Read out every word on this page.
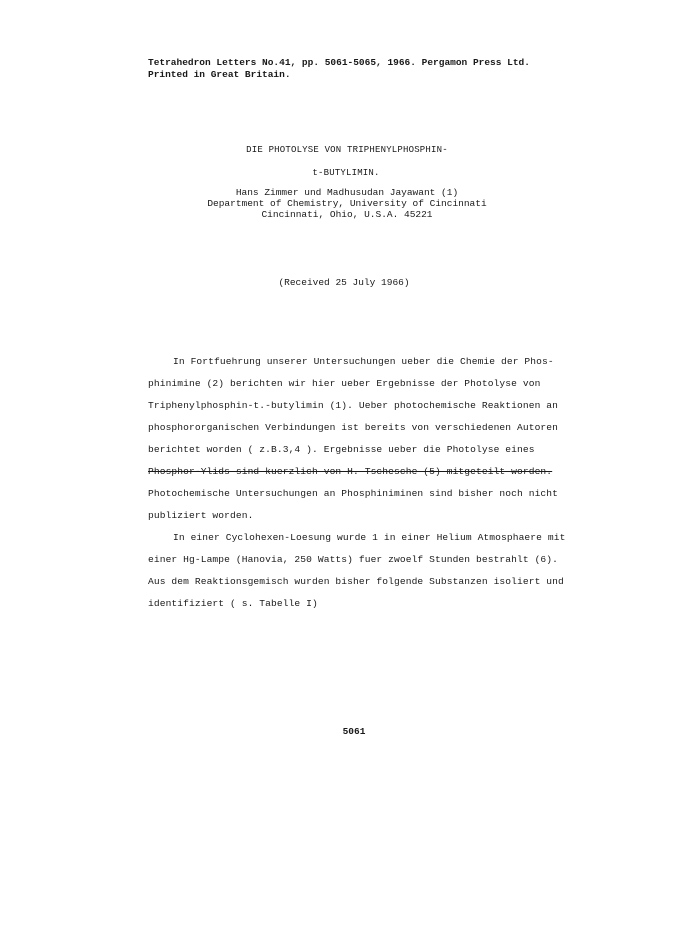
Tetrahedron Letters No.41, pp. 5061-5065, 1966. Pergamon Press Ltd.
Printed in Great Britain.
DIE PHOTOLYSE VON TRIPHENYLPHOSPHIN-
t-BUTYLIMIN.
Hans Zimmer und Madhusudan Jayawant (1)
Department of Chemistry, University of Cincinnati
Cincinnati, Ohio, U.S.A. 45221
(Received 25 July 1966)
In Fortfuehrung unserer Untersuchungen ueber die Chemie der Phos-
phinimine (2) berichten wir hier ueber Ergebnisse der Photolyse von
Triphenylphosphin-t.-butylimin (1). Ueber photochemische Reaktionen an
phosphororganischen Verbindungen ist bereits von verschiedenen Autoren
berichtet worden ( z.B.3,4 ). Ergebnisse ueber die Photolyse eines
Phosphor-Ylids sind kuerzlich von H. Tschesche (5) mitgeteilt worden.
Photochemische Untersuchungen an Phosphiniminen sind bisher noch nicht
publiziert worden.
In einer Cyclohexen-Loesung wurde 1 in einer Helium Atmosphaere mit
einer Hg-Lampe (Hanovia, 250 Watts) fuer zwoelf Stunden bestrahlt (6).
Aus dem Reaktionsgemisch wurden bisher folgende Substanzen isoliert und
identifiziert ( s. Tabelle I)
5061
